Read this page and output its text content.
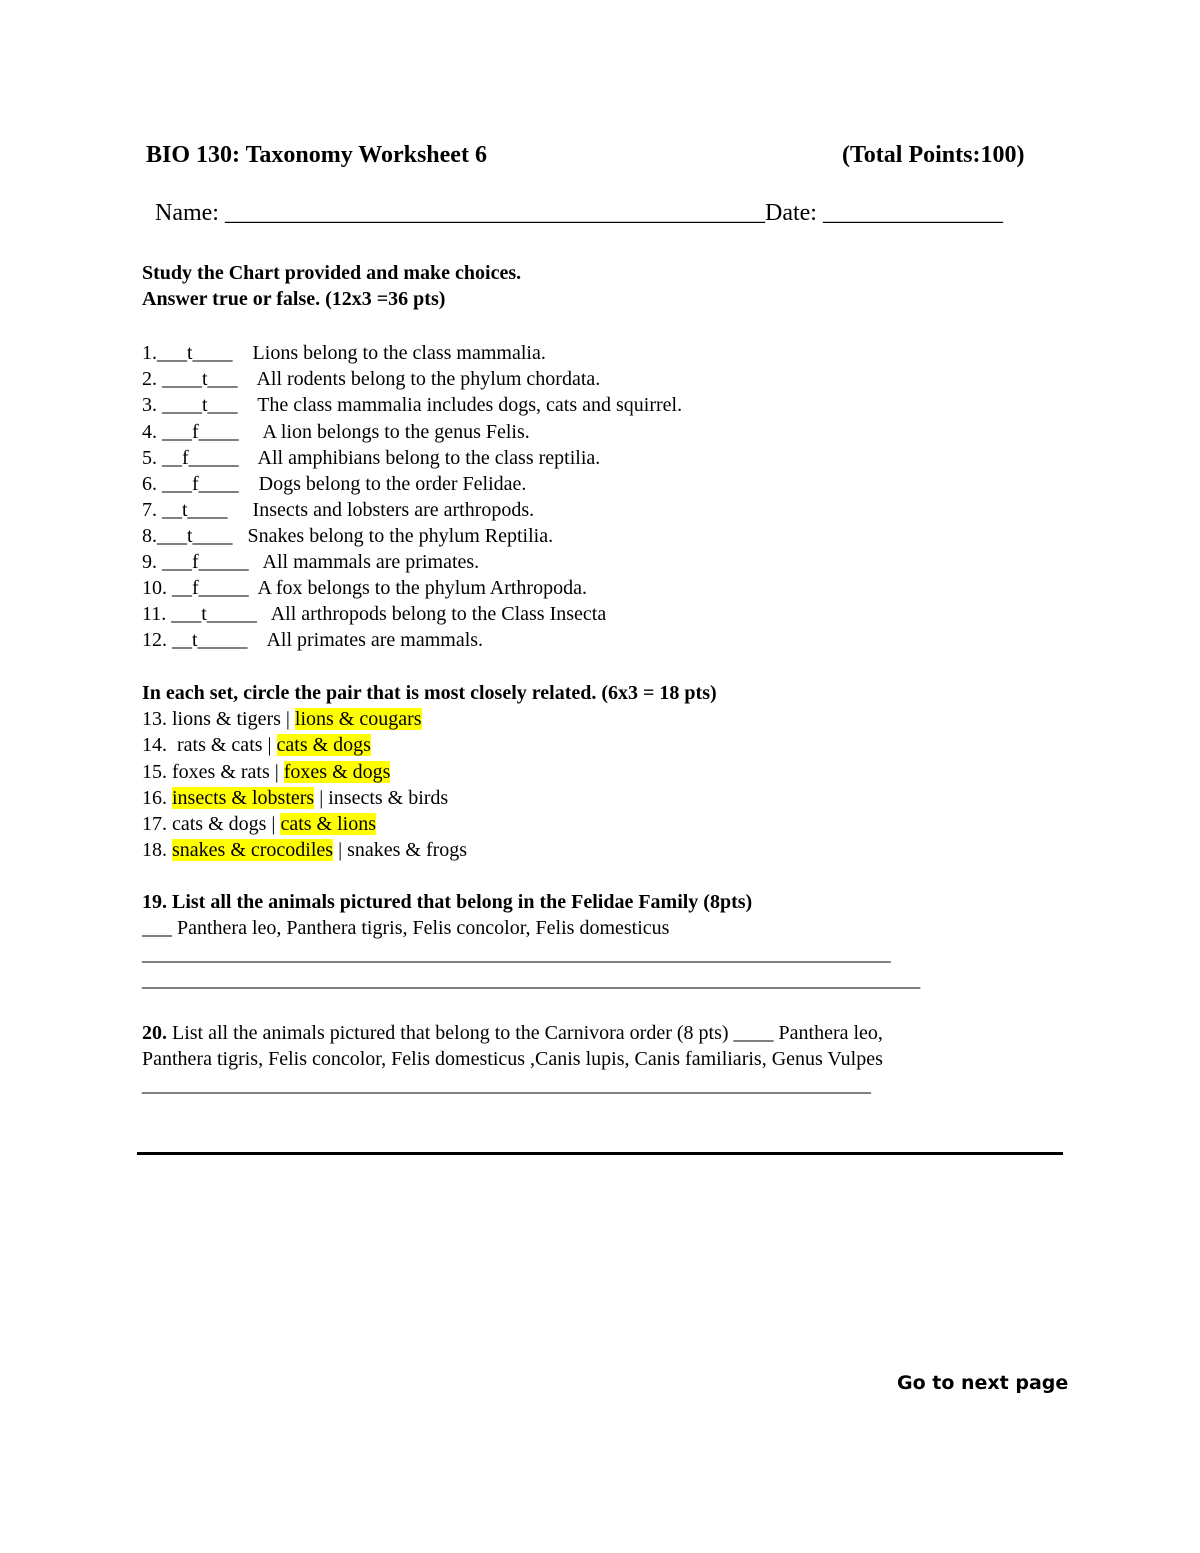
BIO 130: Taxonomy Worksheet 6	(Total Points:100)
Name: _____________________________________________Date: _______________
Study the Chart provided and make choices.
Answer true or false. (12x3 =36 pts)
1.___t____    Lions belong to the class mammalia.
2. ____t___    All rodents belong to the phylum chordata.
3. ____t___    The class mammalia includes dogs, cats and squirrel.
4. ___f____     A lion belongs to the genus Felis.
5. __f_____    All amphibians belong to the class reptilia.
6. ___f____    Dogs belong to the order Felidae.
7. __t____     Insects and lobsters are arthropods.
8.___t____   Snakes belong to the phylum Reptilia.
9. ___f_____   All mammals are primates.
10. __f_____  A fox belongs to the phylum Arthropoda.
11. ___t_____   All arthropods belong to the Class Insecta
12. __t_____    All primates are mammals.
In each set, circle the pair that is most closely related. (6x3 = 18 pts)
13. lions & tigers | lions & cougars
14.  rats & cats | cats & dogs
15. foxes & rats | foxes & dogs
16. insects & lobsters | insects & birds
17. cats & dogs | cats & lions
18. snakes & crocodiles | snakes & frogs
19. List all the animals pictured that belong in the Felidae Family (8pts)
___ Panthera leo, Panthera tigris, Felis concolor, Felis domesticus
____________________________________________________________________________
_______________________________________________________________________________
20. List all the animals pictured that belong to the Carnivora order (8 pts) ____ Panthera leo,
Panthera tigris, Felis concolor, Felis domesticus ,Canis lupis, Canis familiaris, Genus Vulpes
__________________________________________________________________________
Go to next page
